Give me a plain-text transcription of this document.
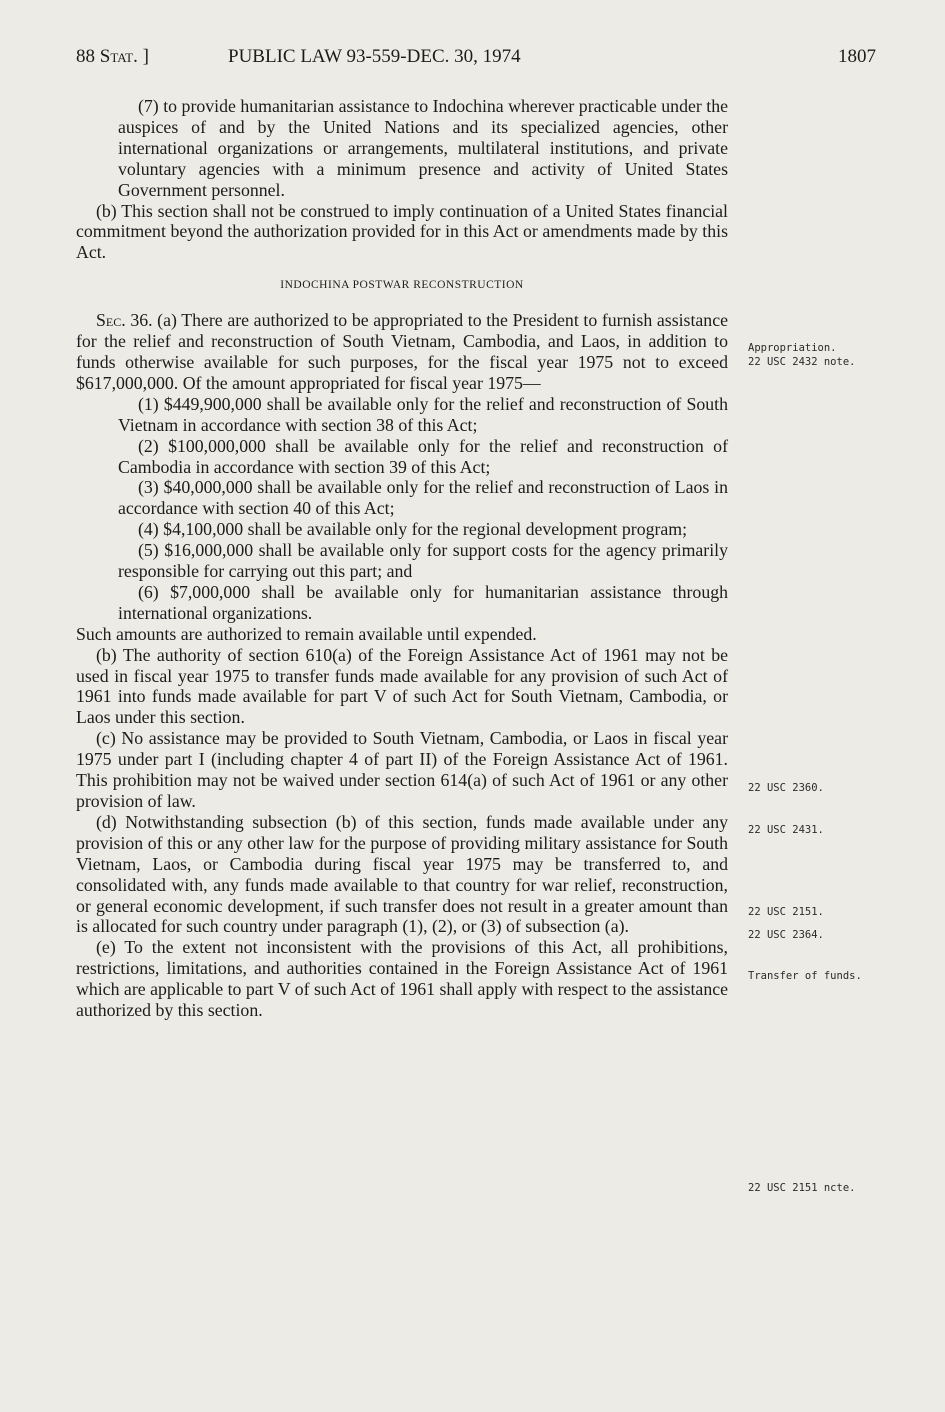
88 Stat. ]	PUBLIC LAW 93-559-DEC. 30, 1974	1807

(7) to provide humanitarian assistance to Indochina wherever practicable under the auspices of and by the United Nations and its specialized agencies, other international organizations or arrangements, multilateral institutions, and private voluntary agencies with a minimum presence and activity of United States Government personnel.

(b) This section shall not be construed to imply continuation of a United States financial commitment beyond the authorization provided for in this Act or amendments made by this Act.

INDOCHINA POSTWAR RECONSTRUCTION

Sec. 36. (a) There are authorized to be appropriated to the President to furnish assistance for the relief and reconstruction of South Vietnam, Cambodia, and Laos, in addition to funds otherwise available for such purposes, for the fiscal year 1975 not to exceed $617,000,000. Of the amount appropriated for fiscal year 1975—

(1) $449,900,000 shall be available only for the relief and reconstruction of South Vietnam in accordance with section 38 of this Act;

(2) $100,000,000 shall be available only for the relief and reconstruction of Cambodia in accordance with section 39 of this Act;

(3) $40,000,000 shall be available only for the relief and reconstruction of Laos in accordance with section 40 of this Act;

(4) $4,100,000 shall be available only for the regional development program;

(5) $16,000,000 shall be available only for support costs for the agency primarily responsible for carrying out this part; and

(6) $7,000,000 shall be available only for humanitarian assistance through international organizations.

Such amounts are authorized to remain available until expended.

(b) The authority of section 610(a) of the Foreign Assistance Act of 1961 may not be used in fiscal year 1975 to transfer funds made available for any provision of such Act of 1961 into funds made available for part V of such Act for South Vietnam, Cambodia, or Laos under this section.

(c) No assistance may be provided to South Vietnam, Cambodia, or Laos in fiscal year 1975 under part I (including chapter 4 of part II) of the Foreign Assistance Act of 1961. This prohibition may not be waived under section 614(a) of such Act of 1961 or any other provision of law.

(d) Notwithstanding subsection (b) of this section, funds made available under any provision of this or any other law for the purpose of providing military assistance for South Vietnam, Laos, or Cambodia during fiscal year 1975 may be transferred to, and consolidated with, any funds made available to that country for war relief, reconstruction, or general economic development, if such transfer does not result in a greater amount than is allocated for such country under paragraph (1), (2), or (3) of subsection (a).

(e) To the extent not inconsistent with the provisions of this Act, all prohibitions, restrictions, limitations, and authorities contained in the Foreign Assistance Act of 1961 which are applicable to part V of such Act of 1961 shall apply with respect to the assistance authorized by this section.

Appropriation.
22 USC 2432 note.
22 USC 2360.
22 USC 2431.
22 USC 2151.
22 USC 2364.
Transfer of funds.
22 USC 2151 ncte.
